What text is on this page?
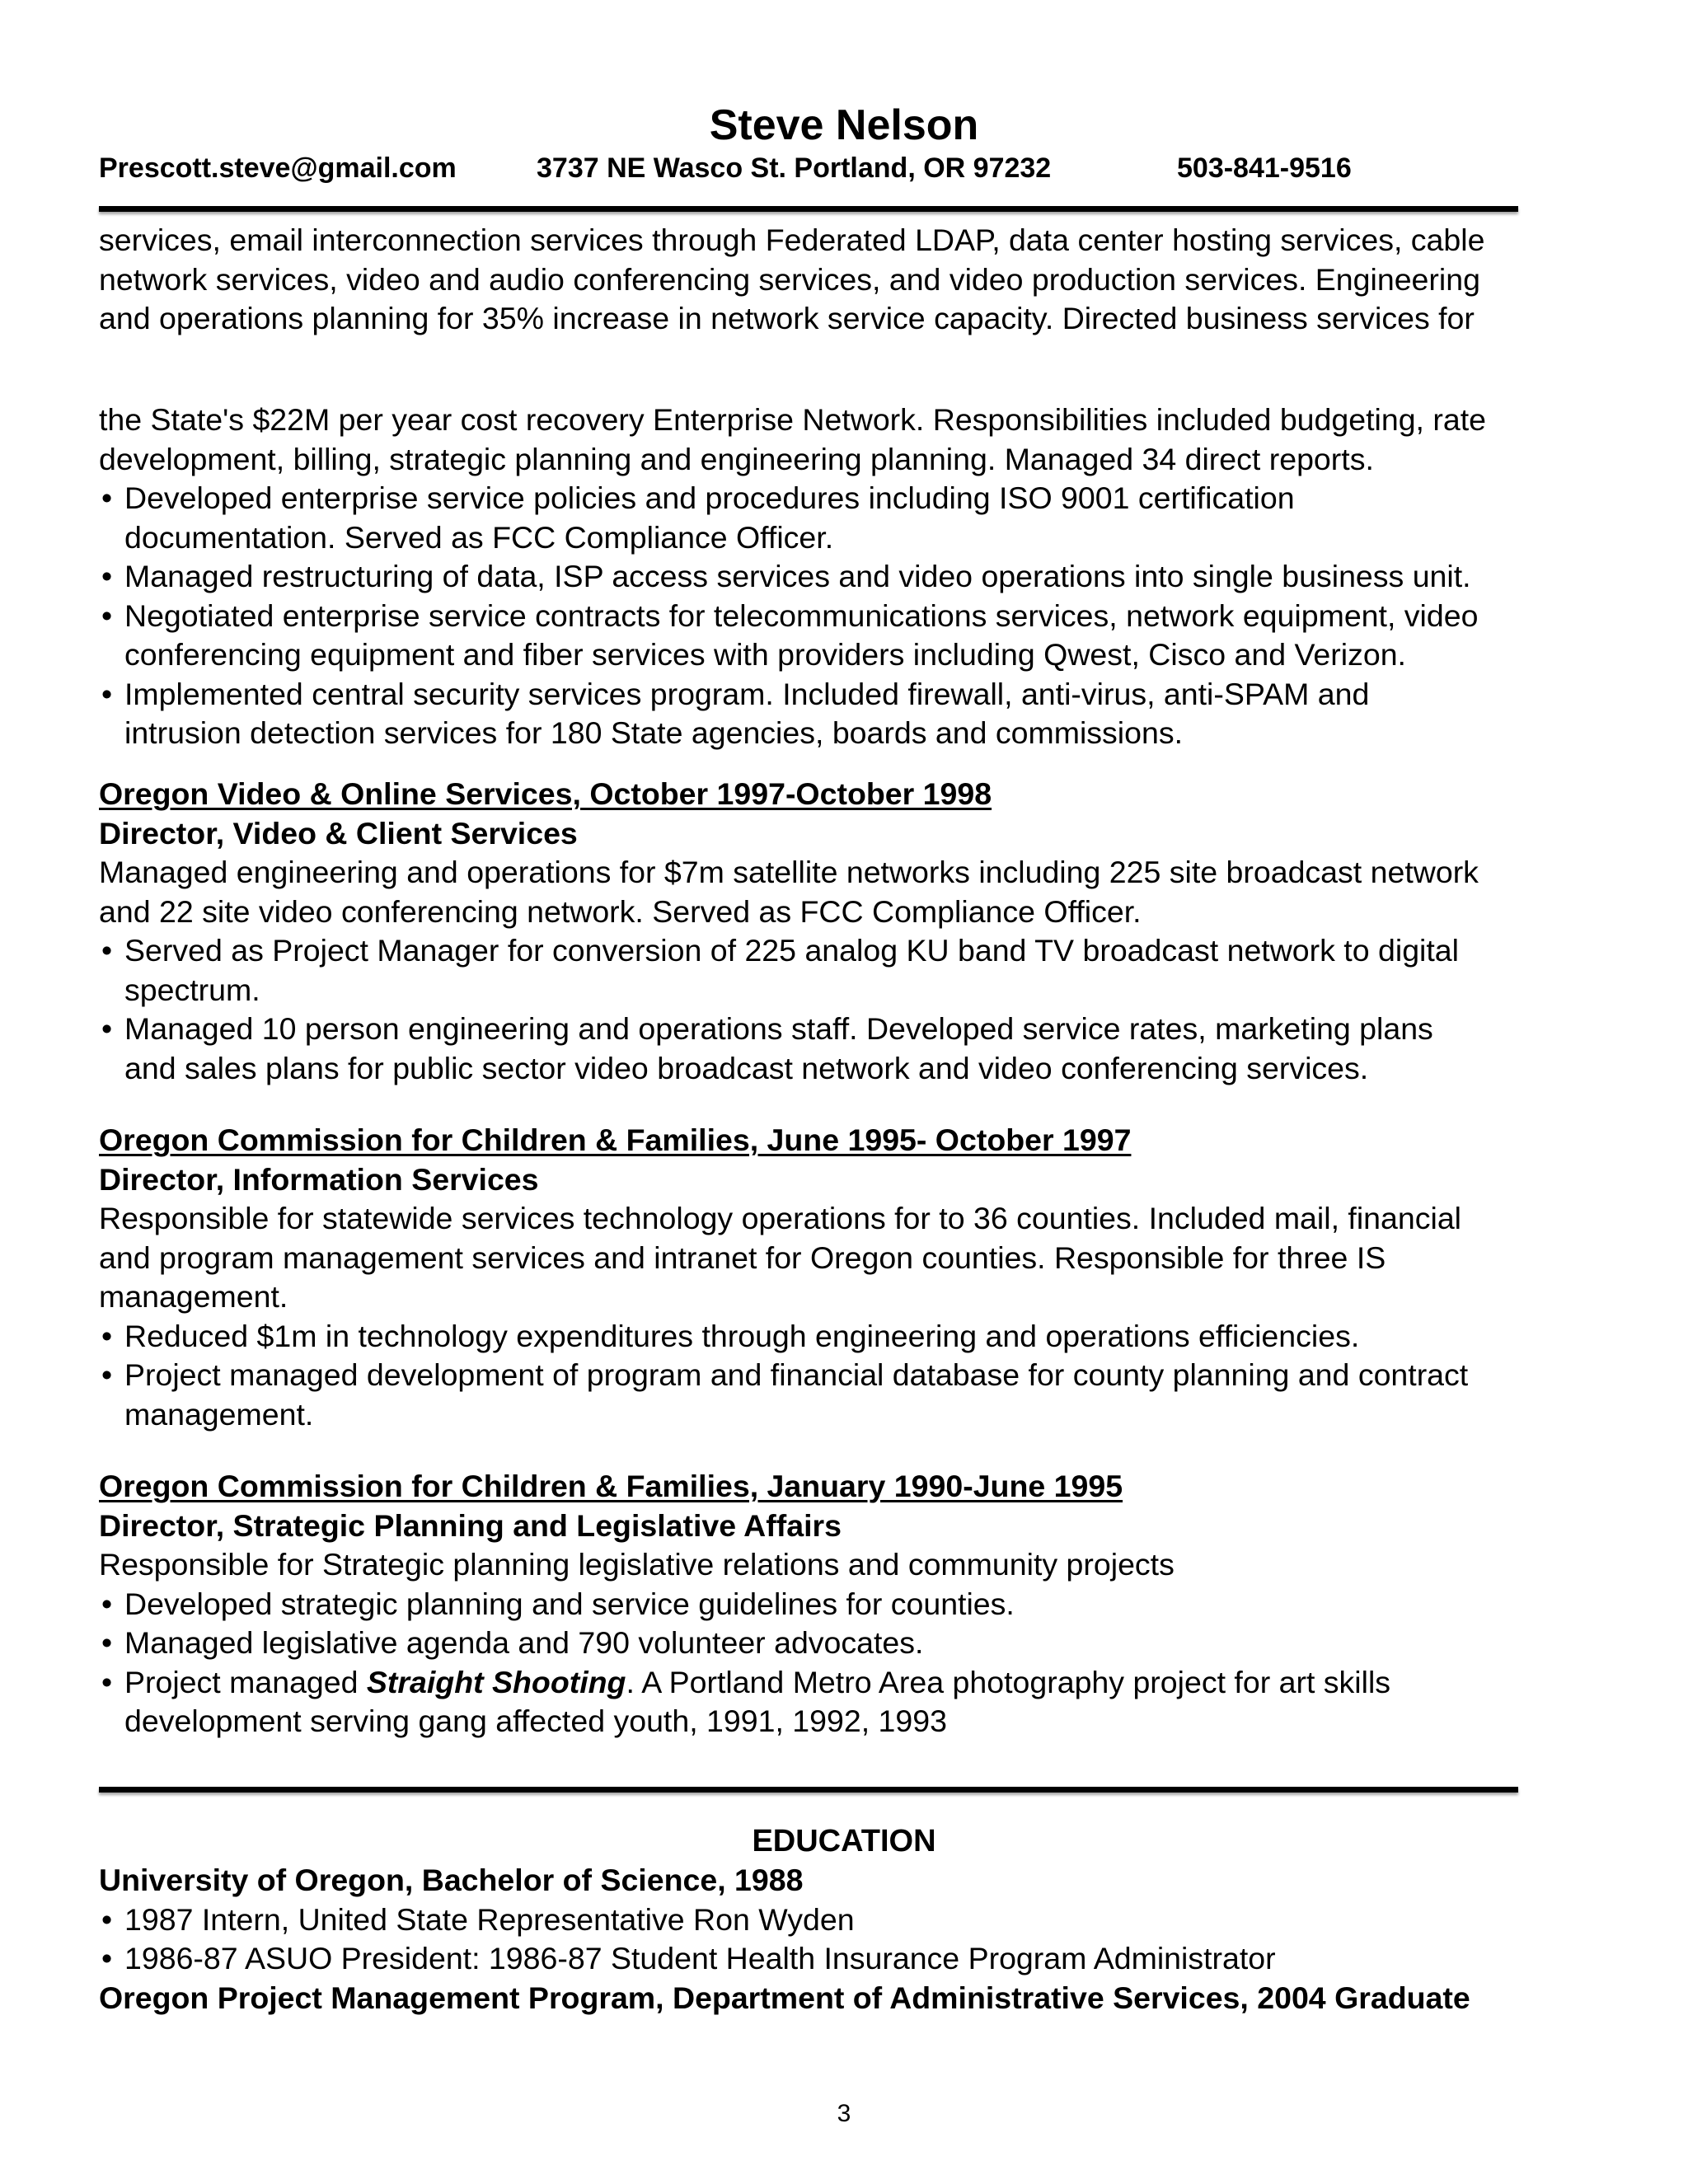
Steve Nelson
Prescott.steve@gmail.com	3737 NE Wasco St. Portland, OR 97232	503-841-9516
services, email interconnection services through Federated LDAP, data center hosting services, cable
network services, video and audio conferencing services, and video production services. Engineering
and operations planning for 35% increase in network service capacity. Directed business services for
the State's $22M per year cost recovery Enterprise Network. Responsibilities included budgeting, rate
development, billing, strategic planning and engineering planning. Managed 34 direct reports.
• Developed enterprise service policies and procedures including ISO 9001 certification
documentation. Served as FCC Compliance Officer.
• Managed restructuring of data, ISP access services and video operations into single business unit.
• Negotiated enterprise service contracts for telecommunications services, network equipment, video
conferencing equipment and fiber services with providers including Qwest, Cisco and Verizon.
• Implemented central security services program. Included firewall, anti-virus, anti-SPAM and
intrusion detection services for 180 State agencies, boards and commissions.
Oregon Video & Online Services, October 1997-October 1998
Director, Video & Client Services
Managed engineering and operations for $7m satellite networks including 225 site broadcast network
and 22 site video conferencing network. Served as FCC Compliance Officer.
• Served as Project Manager for conversion of 225 analog KU band TV broadcast network to digital
spectrum.
• Managed 10 person engineering and operations staff. Developed service rates, marketing plans
and sales plans for public sector video broadcast network and video conferencing services.
Oregon Commission for Children & Families, June 1995- October 1997
Director, Information Services
Responsible for statewide services technology operations for to 36 counties. Included mail, financial
and program management services and intranet for Oregon counties. Responsible for three IS
management.
• Reduced $1m in technology expenditures through engineering and operations efficiencies.
• Project managed development of program and financial database for county planning and contract
management.
Oregon Commission for Children & Families, January 1990-June 1995
Director, Strategic Planning and Legislative Affairs
Responsible for Strategic planning legislative relations and community projects
• Developed strategic planning and service guidelines for counties.
• Managed legislative agenda and 790 volunteer advocates.
• Project managed Straight Shooting. A Portland Metro Area photography project for art skills
development serving gang affected youth, 1991, 1992, 1993
EDUCATION
University of Oregon, Bachelor of Science, 1988
• 1987 Intern, United State Representative Ron Wyden
• 1986-87 ASUO President: 1986-87 Student Health Insurance Program Administrator
Oregon Project Management Program, Department of Administrative Services, 2004 Graduate
3
